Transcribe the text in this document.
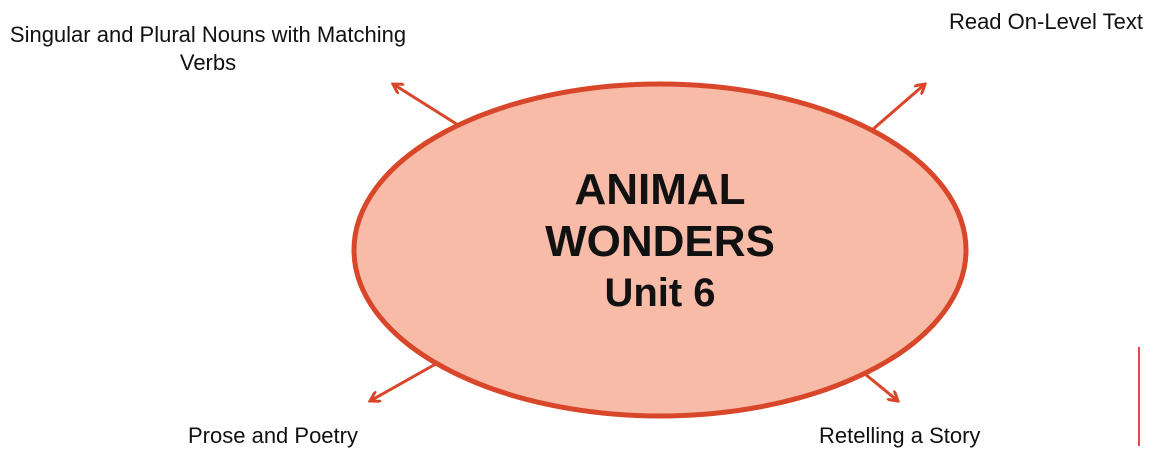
Singular and Plural Nouns with Matching Verbs
Read On-Level Text
Prose and Poetry	Retelling a Story
ANIMAL
WONDERS
Unit 6
